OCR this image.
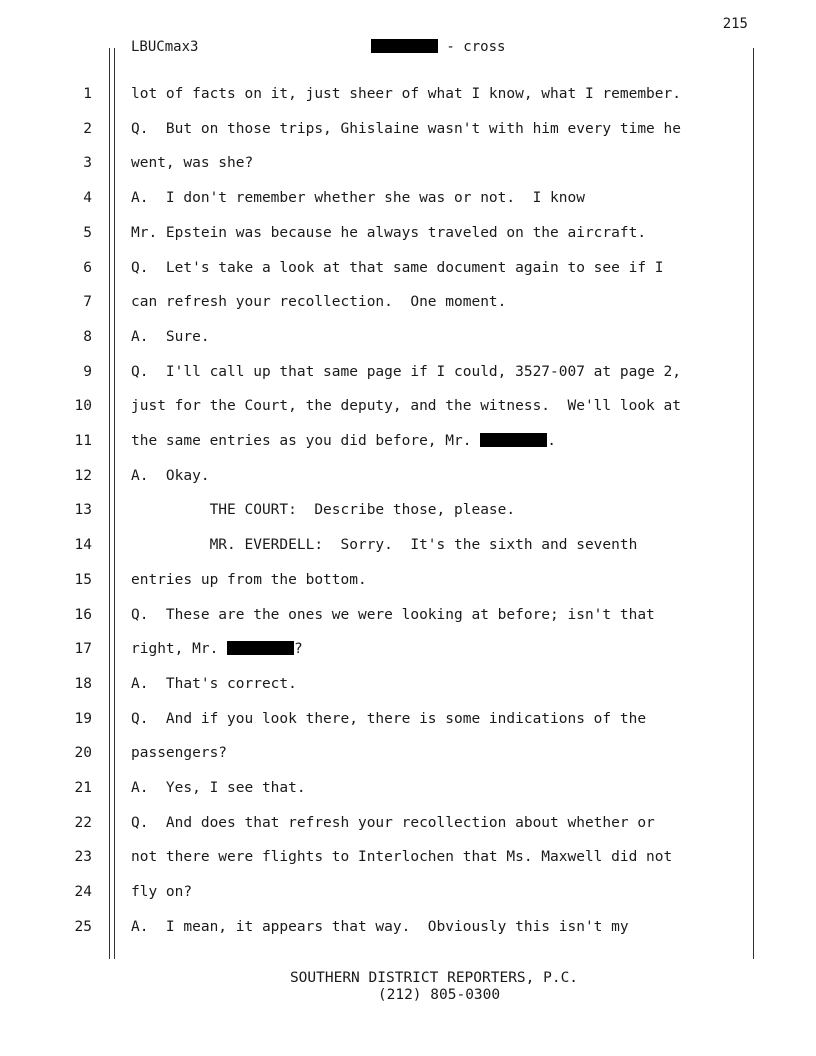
215
LBUCmax3	- cross
1	lot of facts on it, just sheer of what I know, what I remember.
2	Q.  But on those trips, Ghislaine wasn't with him every time he
3	went, was she?
4	A.  I don't remember whether she was or not.  I know
5	Mr. Epstein was because he always traveled on the aircraft.
6	Q.  Let's take a look at that same document again to see if I
7	can refresh your recollection.  One moment.
8	A.  Sure.
9	Q.  I'll call up that same page if I could, 3527-007 at page 2,
10	just for the Court, the deputy, and the witness.  We'll look at
11	the same entries as you did before, Mr.	.
12	A.  Okay.
13	THE COURT:  Describe those, please.
14	MR. EVERDELL:  Sorry.  It's the sixth and seventh
15	entries up from the bottom.
16	Q.  These are the ones we were looking at before; isn't that
17	right, Mr.	?
18	A.  That's correct.
19	Q.  And if you look there, there is some indications of the
20	passengers?
21	A.  Yes, I see that.
22	Q.  And does that refresh your recollection about whether or
23	not there were flights to Interlochen that Ms. Maxwell did not
24	fly on?
25	A.  I mean, it appears that way.  Obviously this isn't my
SOUTHERN DISTRICT REPORTERS, P.C.
(212) 805-0300
